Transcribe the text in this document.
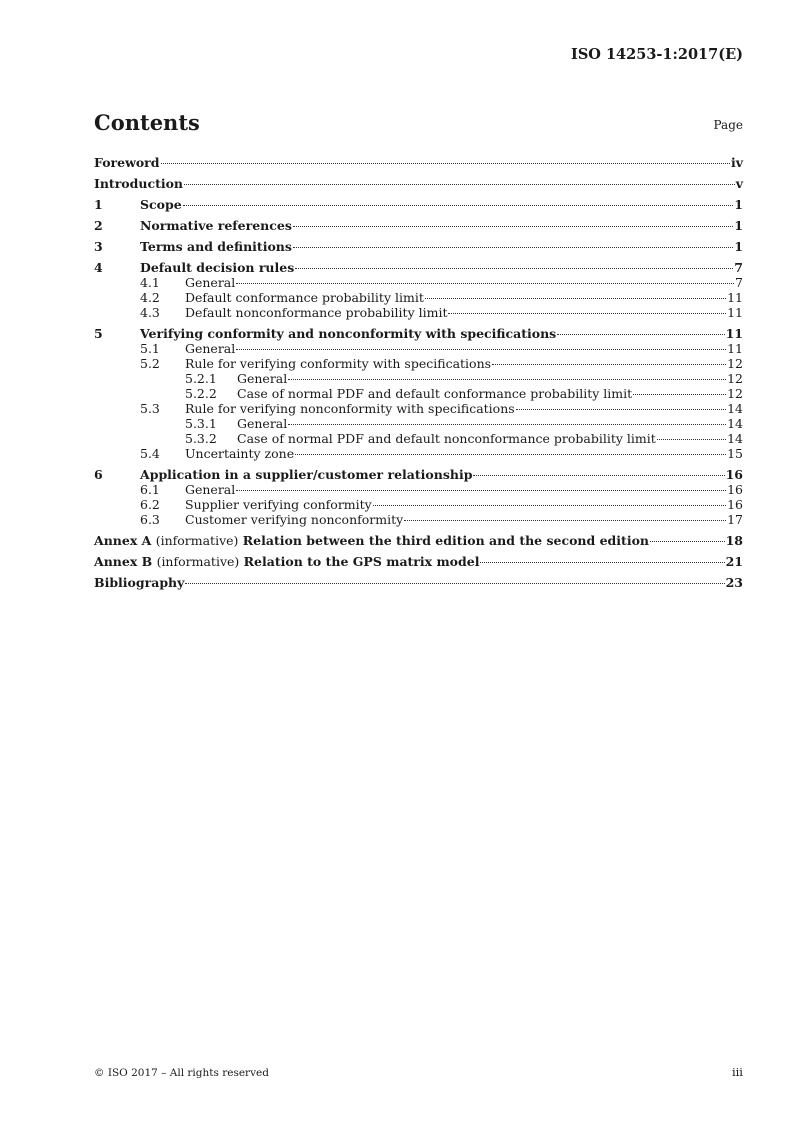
ISO 14253-1:2017(E)
Contents	Page
Foreword	iv
Introduction	v
1	Scope	1
2	Normative references	1
3	Terms and definitions	1
4	Default decision rules	7
4.1	General	7
4.2	Default conformance probability limit	11
4.3	Default nonconformance probability limit	11
5	Verifying conformity and nonconformity with specifications	11
5.1	General	11
5.2	Rule for verifying conformity with specifications	12
5.2.1	General	12
5.2.2	Case of normal PDF and default conformance probability limit	12
5.3	Rule for verifying nonconformity with specifications	14
5.3.1	General	14
5.3.2	Case of normal PDF and default nonconformance probability limit	14
5.4	Uncertainty zone	15
6	Application in a supplier/customer relationship	16
6.1	General	16
6.2	Supplier verifying conformity	16
6.3	Customer verifying nonconformity	17
Annex A (informative) Relation between the third edition and the second edition	18
Annex B (informative) Relation to the GPS matrix model	21
Bibliography	23
© ISO 2017 – All rights reserved	iii
